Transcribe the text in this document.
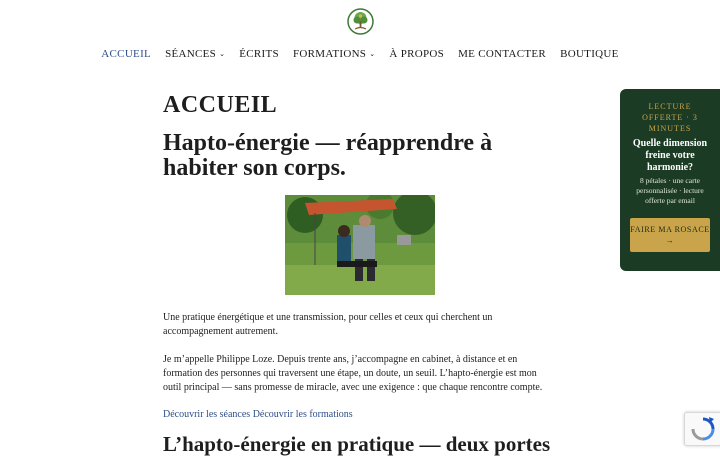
ACCUEIL SÉANCES ⌄ ÉCRITS FORMATIONS ⌄ À PROPOS ME CONTACTER BOUTIQUE
ACCUEIL
Hapto-énergie — réapprendre à habiter son corps.

Une pratique énergétique et une transmission, pour celles et ceux qui cherchent un accompagnement autrement.

Je m’appelle Philippe Loze. Depuis trente ans, j’accompagne en cabinet, à distance et en formation des personnes qui traversent une étape, un doute, un seuil. L’hapto-énergie est mon outil principal — sans promesse de miracle, avec une exigence : que chaque rencontre compte.

Découvrir les séances Découvrir les formations
L’hapto-énergie en pratique — deux portes
LECTURE OFFERTE · 3 MINUTES
Quelle dimension freine votre harmonie?
8 pétales · une carte personnalisée · lecture offerte par email
FAIRE MA ROSACE →
